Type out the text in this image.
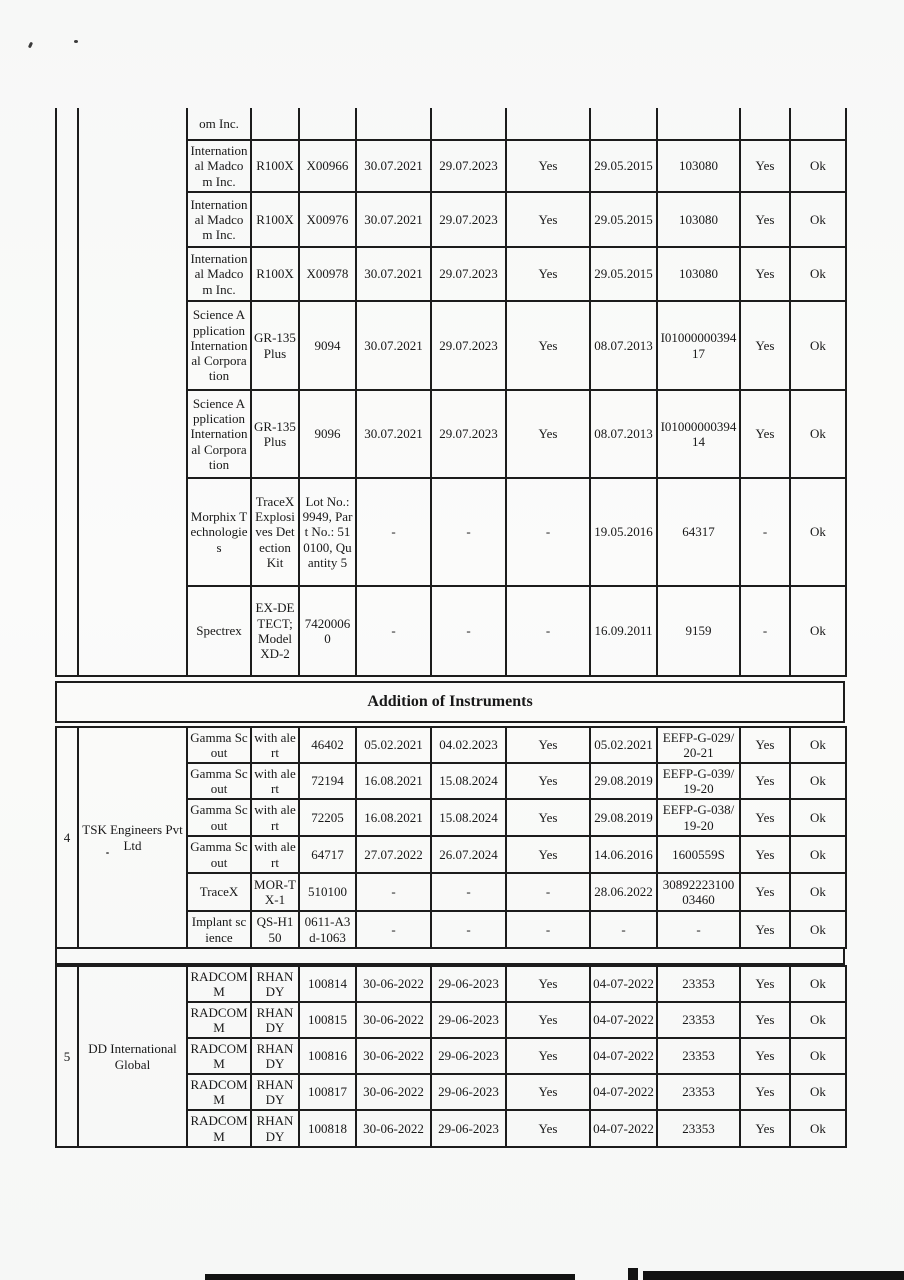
		om Inc.									
		International Madcom Inc.	R100X	X00966	30.07.2021	29.07.2023	Yes	29.05.2015	103080	Yes	Ok
		International Madcom Inc.	R100X	X00976	30.07.2021	29.07.2023	Yes	29.05.2015	103080	Yes	Ok
		International Madcom Inc.	R100X	X00978	30.07.2021	29.07.2023	Yes	29.05.2015	103080	Yes	Ok
		Science Application International Corporation	GR-135 Plus	9094	30.07.2021	29.07.2023	Yes	08.07.2013	I0100000039417	Yes	Ok
		Science Application International Corporation	GR-135 Plus	9096	30.07.2021	29.07.2023	Yes	08.07.2013	I0100000039414	Yes	Ok
		Morphix Technologies	TraceX Explosives Detection Kit	Lot No.: 9949, Part No.: 510100, Quantity 5	-	-	-	19.05.2016	64317	-	Ok
		Spectrex	EX-DETECT; Model XD-2	74200060	-	-	-	16.09.2011	9159	-	Ok
Addition of Instruments
4	TSK Engineers Pvt Ltd	Gamma Scout	with alert	46402	05.02.2021	04.02.2023	Yes	05.02.2021	EEFP-G-029/20-21	Yes	Ok
		Gamma Scout	with alert	72194	16.08.2021	15.08.2024	Yes	29.08.2019	EEFP-G-039/19-20	Yes	Ok
		Gamma Scout	with alert	72205	16.08.2021	15.08.2024	Yes	29.08.2019	EEFP-G-038/19-20	Yes	Ok
		Gamma Scout	with alert	64717	27.07.2022	26.07.2024	Yes	14.06.2016	1600559S	Yes	Ok
		TraceX	MOR-TX-1	510100	-	-	-	28.06.2022	3089222310003460	Yes	Ok
		Implant science	QS-H150	0611-A3d-1063	-	-	-	-	-	Yes	Ok
5	DD International Global	RADCOMM	RHANDY	100814	30-06-2022	29-06-2023	Yes	04-07-2022	23353	Yes	Ok
		RADCOMM	RHANDY	100815	30-06-2022	29-06-2023	Yes	04-07-2022	23353	Yes	Ok
		RADCOMM	RHANDY	100816	30-06-2022	29-06-2023	Yes	04-07-2022	23353	Yes	Ok
		RADCOMM	RHANDY	100817	30-06-2022	29-06-2023	Yes	04-07-2022	23353	Yes	Ok
		RADCOMM	RHANDY	100818	30-06-2022	29-06-2023	Yes	04-07-2022	23353	Yes	Ok
